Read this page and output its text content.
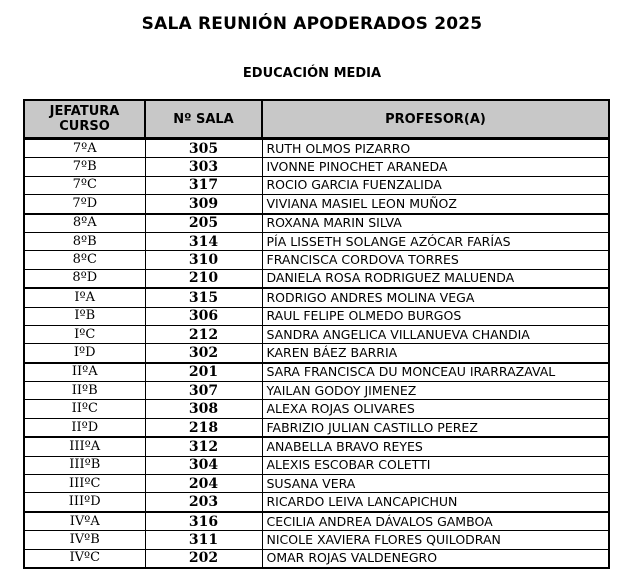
SALA REUNIÓN APODERADOS 2025
EDUCACIÓN MEDIA
JEFATURA
CURSO	Nº SALA	PROFESOR(A)
7ºA	305	RUTH OLMOS PIZARRO
7ºB	303	IVONNE PINOCHET ARANEDA
7ºC	317	ROCIO GARCIA FUENZALIDA
7ºD	309	VIVIANA MASIEL LEON MUÑOZ
8ºA	205	ROXANA MARIN SILVA
8ºB	314	PÍA LISSETH SOLANGE AZÓCAR FARÍAS
8ºC	310	FRANCISCA CORDOVA TORRES
8ºD	210	DANIELA ROSA RODRIGUEZ MALUENDA
IºA	315	RODRIGO ANDRES MOLINA VEGA
IºB	306	RAUL FELIPE OLMEDO BURGOS
IºC	212	SANDRA ANGELICA VILLANUEVA CHANDIA
IºD	302	KAREN BÁEZ BARRIA
IIºA	201	SARA FRANCISCA DU MONCEAU IRARRAZAVAL
IIºB	307	YAILAN GODOY JIMENEZ
IIºC	308	ALEXA ROJAS OLIVARES
IIºD	218	FABRIZIO JULIAN CASTILLO PEREZ
IIIºA	312	ANABELLA BRAVO REYES
IIIºB	304	ALEXIS ESCOBAR COLETTI
IIIºC	204	SUSANA VERA
IIIºD	203	RICARDO LEIVA LANCAPICHUN
IVºA	316	CECILIA ANDREA DÁVALOS GAMBOA
IVºB	311	NICOLE XAVIERA FLORES QUILODRAN
IVºC	202	OMAR ROJAS VALDENEGRO
